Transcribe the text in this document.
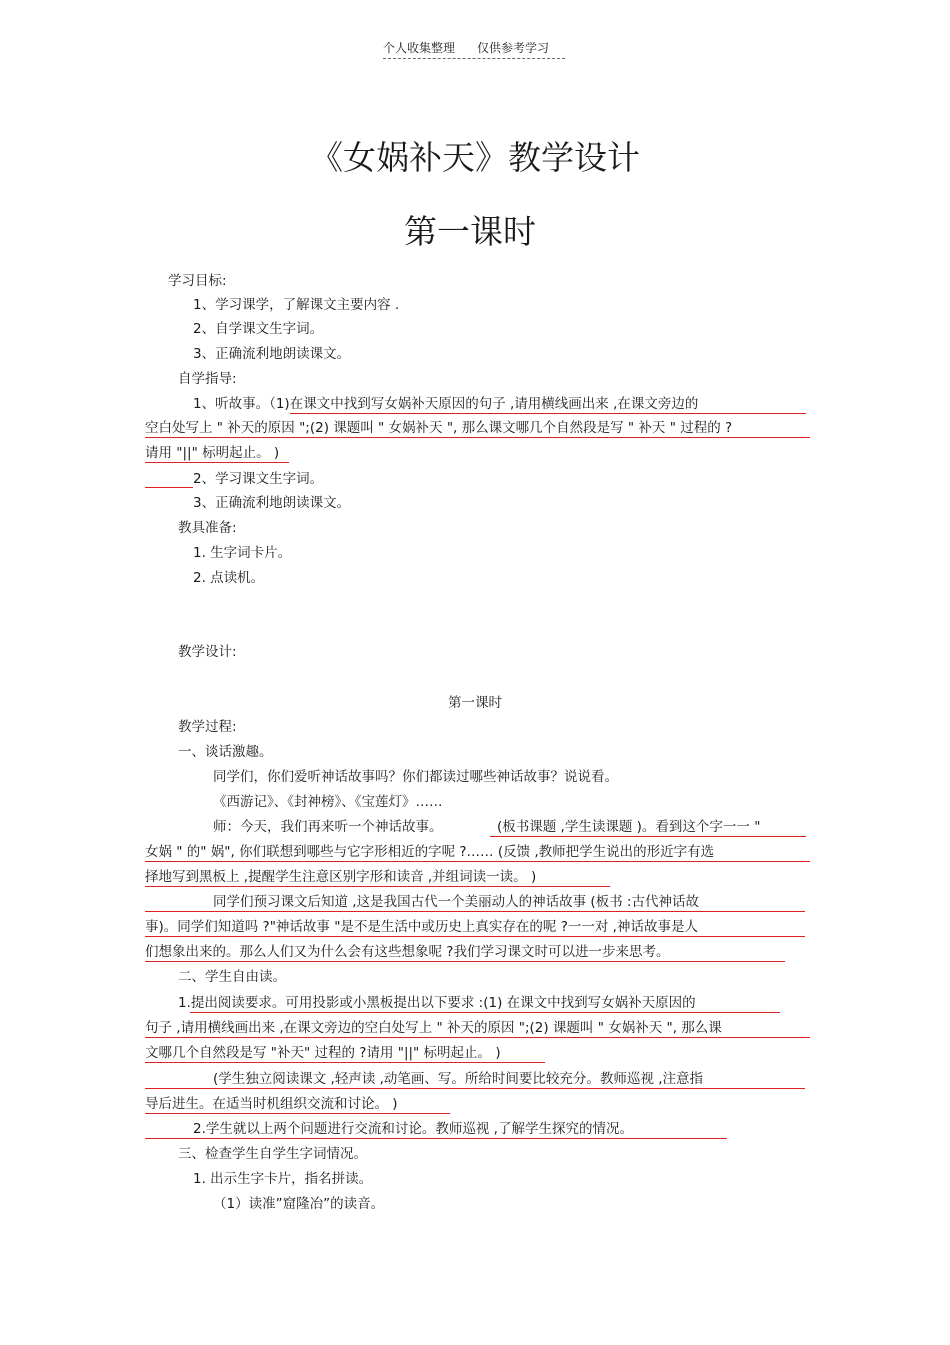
个人收集整理 仅供参考学习
《女娲补天》教学设计
第一课时
学习目标:
1、学习课学，了解课文主要内容 .
2、自学课文生字词。
3、正确流利地朗读课文。
自学指导:
1、听故事。（1)在课文中找到写女娲补天原因的句子 ,请用横线画出来 ,在课文旁边的
空白处写上 " 补天的原因 ";(2) 课题叫 " 女娲补天 ", 那么课文哪几个自然段是写 " 补天 " 过程的 ?
请用 "||" 标明起止。 )
2、学习课文生字词。
3、正确流利地朗读课文。
教具准备:
1. 生字词卡片。
2. 点读机。
教学设计:
第一课时
教学过程:
一、谈话激趣。
同学们，你们爱听神话故事吗？你们都读过哪些神话故事？说说看。
《西游记》、《封神榜》、《宝莲灯》……
师：今天，我们再来听一个神话故事。	(板书课题 ,学生读课题 )。看到这个字一一 "
女娲 " 的" 娲", 你们联想到哪些与它字形相近的字呢 ?…… (反馈 ,教师把学生说出的形近字有选
择地写到黑板上 ,提醒学生注意区别字形和读音 ,并组词读一读。 )
同学们预习课文后知道 ,这是我国古代一个美丽动人的神话故事 (板书 :古代神话故
事)。同学们知道吗 ?"神话故事 "是不是生活中或历史上真实存在的呢 ?一一对 ,神话故事是人
们想象出来的。那么人们又为什么会有这些想象呢 ?我们学习课文时可以进一步来思考。
二、学生自由读。
1.提出阅读要求。可用投影或小黑板提出以下要求 :(1) 在课文中找到写女娲补天原因的
句子 ,请用横线画出来 ,在课文旁边的空白处写上 " 补天的原因 ";(2) 课题叫 " 女娲补天 ", 那么课
文哪几个自然段是写 "补天" 过程的 ?请用 "||" 标明起止。 )
(学生独立阅读课文 ,轻声读 ,动笔画、写。所给时间要比较充分。教师巡视 ,注意指
导后进生。在适当时机组织交流和讨论。 )
2.学生就以上两个问题进行交流和讨论。教师巡视 ,了解学生探究的情况。
三、检查学生自学生字词情况。
1. 出示生字卡片，指名拼读。
（1）读准”窟隆冶”的读音。
